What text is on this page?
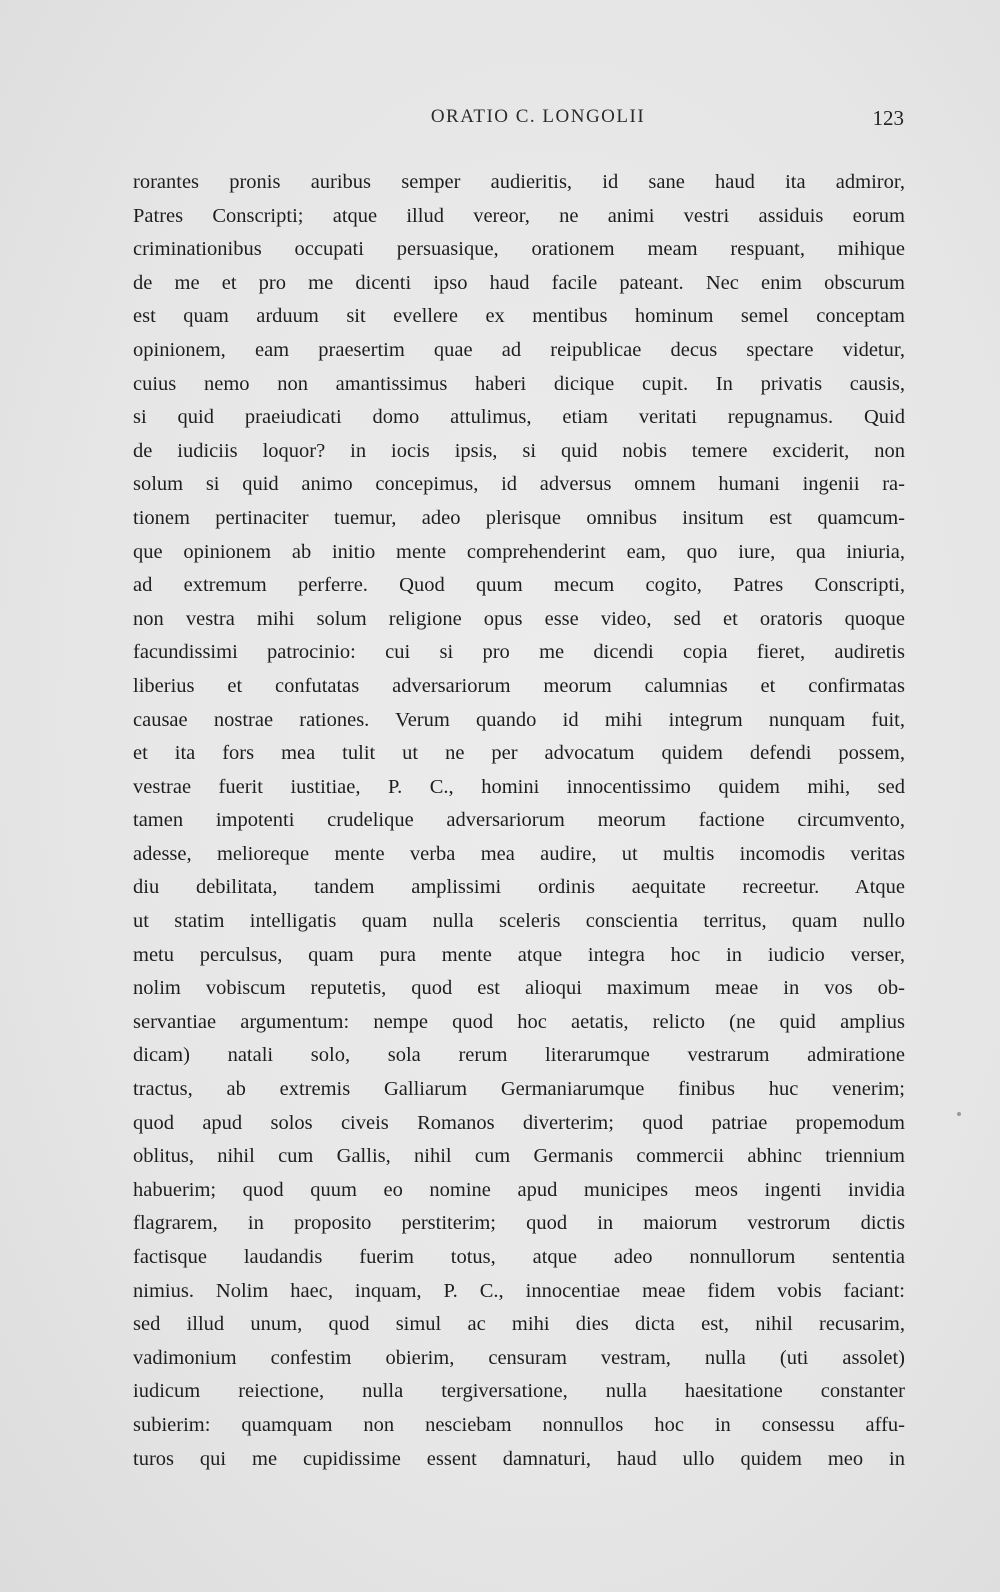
ORATIO C. LONGOLII	123
rorantes pronis auribus semper audieritis, id sane haud ita admiror,
Patres Conscripti; atque illud vereor, ne animi vestri assiduis eorum
criminationibus occupati persuasique, orationem meam respuant, mihique
de me et pro me dicenti ipso haud facile pateant. Nec enim obscurum
est quam arduum sit evellere ex mentibus hominum semel conceptam
opinionem, eam praesertim quae ad reipublicae decus spectare videtur,
cuius nemo non amantissimus haberi dicique cupit. In privatis causis,
si quid praeiudicati domo attulimus, etiam veritati repugnamus. Quid
de iudiciis loquor? in iocis ipsis, si quid nobis temere exciderit, non
solum si quid animo concepimus, id adversus omnem humani ingenii ra-
tionem pertinaciter tuemur, adeo plerisque omnibus insitum est quamcum-
que opinionem ab initio mente comprehenderint eam, quo iure, qua iniuria,
ad extremum perferre. Quod quum mecum cogito, Patres Conscripti,
non vestra mihi solum religione opus esse video, sed et oratoris quoque
facundissimi patrocinio: cui si pro me dicendi copia fieret, audiretis
liberius et confutatas adversariorum meorum calumnias et confirmatas
causae nostrae rationes. Verum quando id mihi integrum nunquam fuit,
et ita fors mea tulit ut ne per advocatum quidem defendi possem,
vestrae fuerit iustitiae, P. C., homini innocentissimo quidem mihi, sed
tamen impotenti crudelique adversariorum meorum factione circumvento,
adesse, melioreque mente verba mea audire, ut multis incomodis veritas
diu debilitata, tandem amplissimi ordinis aequitate recreetur. Atque
ut statim intelligatis quam nulla sceleris conscientia territus, quam nullo
metu perculsus, quam pura mente atque integra hoc in iudicio verser,
nolim vobiscum reputetis, quod est alioqui maximum meae in vos ob-
servantiae argumentum: nempe quod hoc aetatis, relicto (ne quid amplius
dicam) natali solo, sola rerum literarumque vestrarum admiratione
tractus, ab extremis Galliarum Germaniarumque finibus huc venerim;
quod apud solos civeis Romanos diverterim; quod patriae propemodum
oblitus, nihil cum Gallis, nihil cum Germanis commercii abhinc triennium
habuerim; quod quum eo nomine apud municipes meos ingenti invidia
flagrarem, in proposito perstiterim; quod in maiorum vestrorum dictis
factisque laudandis fuerim totus, atque adeo nonnullorum sententia
nimius. Nolim haec, inquam, P. C., innocentiae meae fidem vobis faciant:
sed illud unum, quod simul ac mihi dies dicta est, nihil recusarim,
vadimonium confestim obierim, censuram vestram, nulla (uti assolet)
iudicum reiectione, nulla tergiversatione, nulla haesitatione constanter
subierim: quamquam non nesciebam nonnullos hoc in consessu affu-
turos qui me cupidissime essent damnaturi, haud ullo quidem meo in
